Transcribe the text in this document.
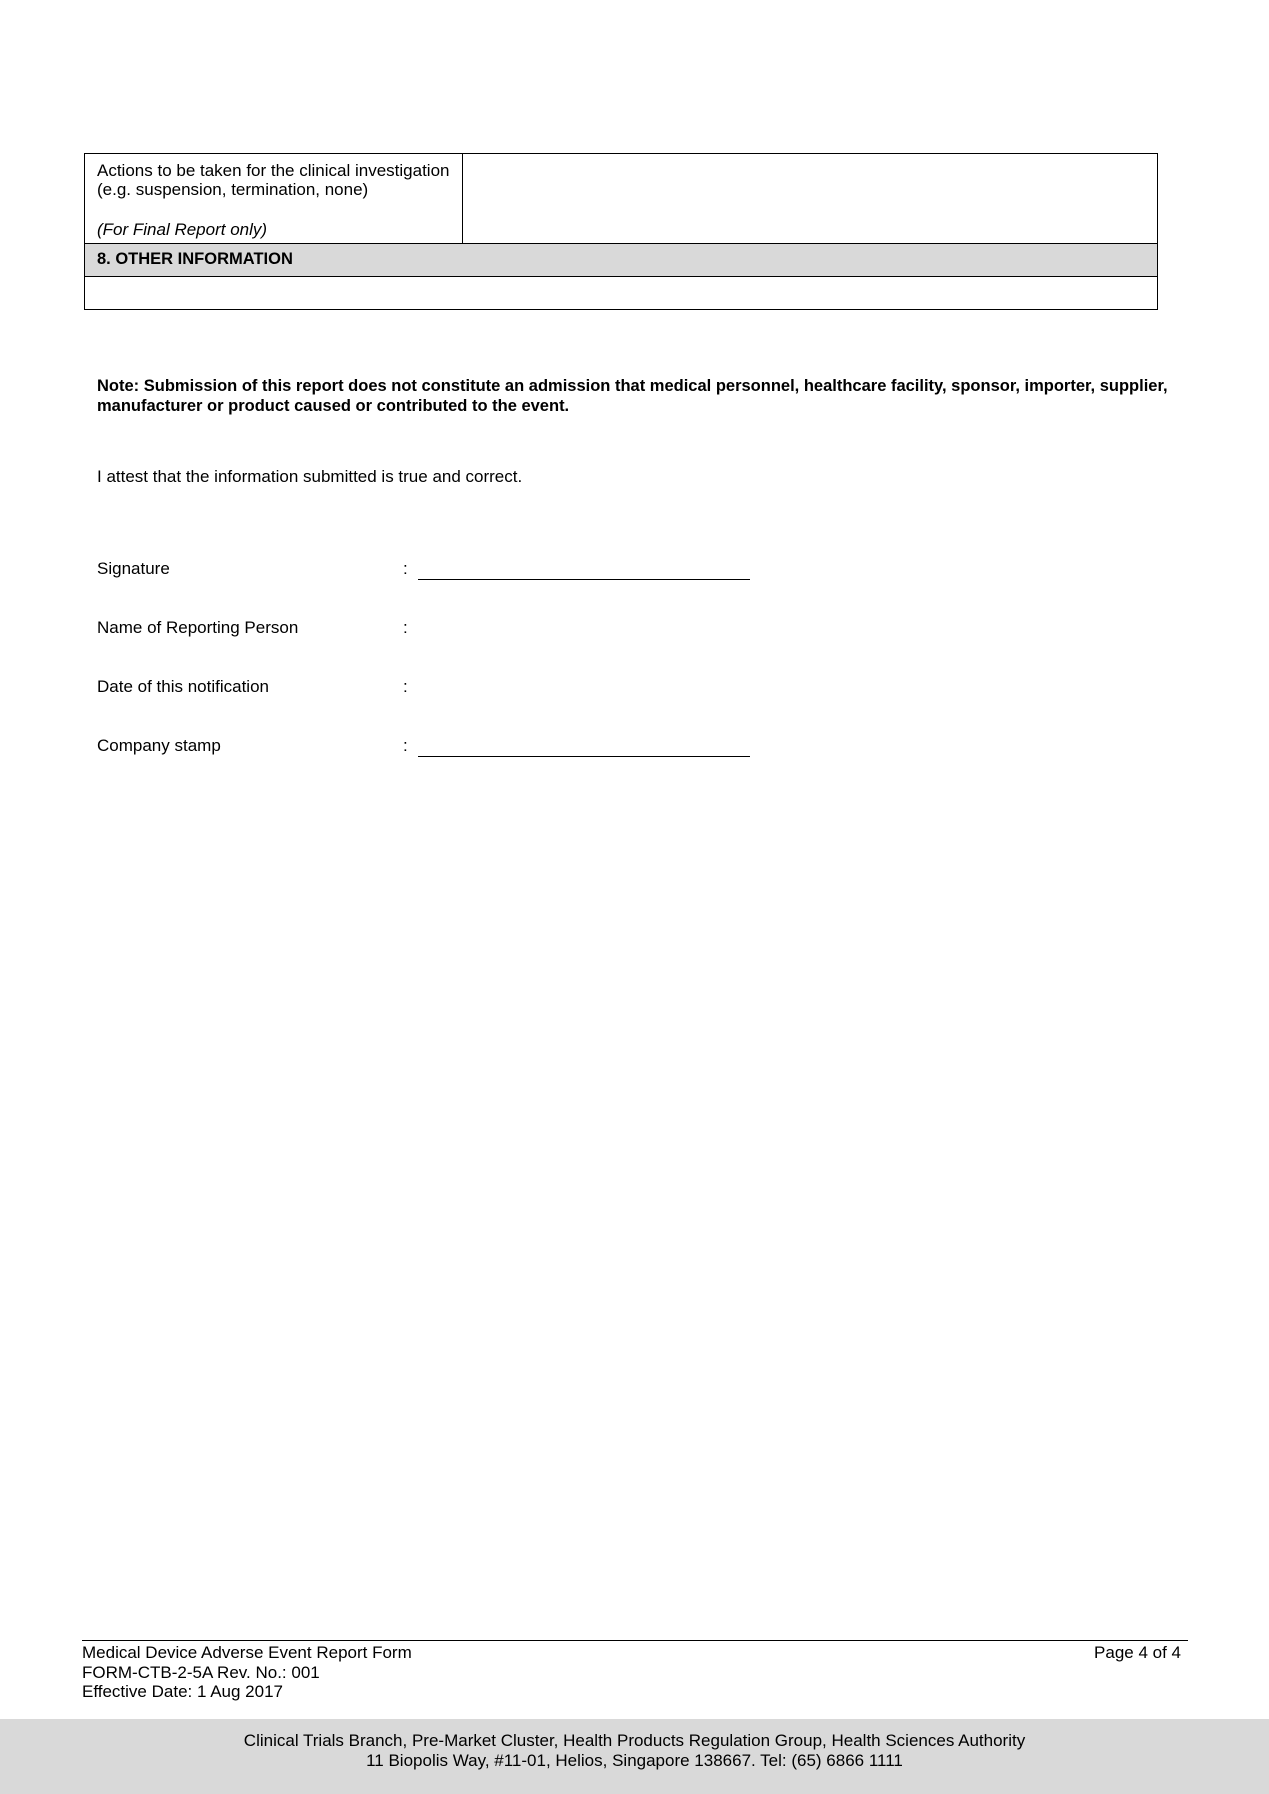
Actions to be taken for the clinical investigation
(e.g. suspension, termination, none)
(For Final Report only)

8. OTHER INFORMATION

Note: Submission of this report does not constitute an admission that medical personnel, healthcare facility, sponsor, importer, supplier, manufacturer or product caused or contributed to the event.

I attest that the information submitted is true and correct.

Signature	:
Name of Reporting Person	:
Date of this notification	:
Company stamp	:
Medical Device Adverse Event Report Form
FORM-CTB-2-5A Rev. No.: 001
Effective Date: 1 Aug 2017
Page 4 of 4
Clinical Trials Branch, Pre-Market Cluster, Health Products Regulation Group, Health Sciences Authority
11 Biopolis Way, #11-01, Helios, Singapore 138667. Tel: (65) 6866 1111
